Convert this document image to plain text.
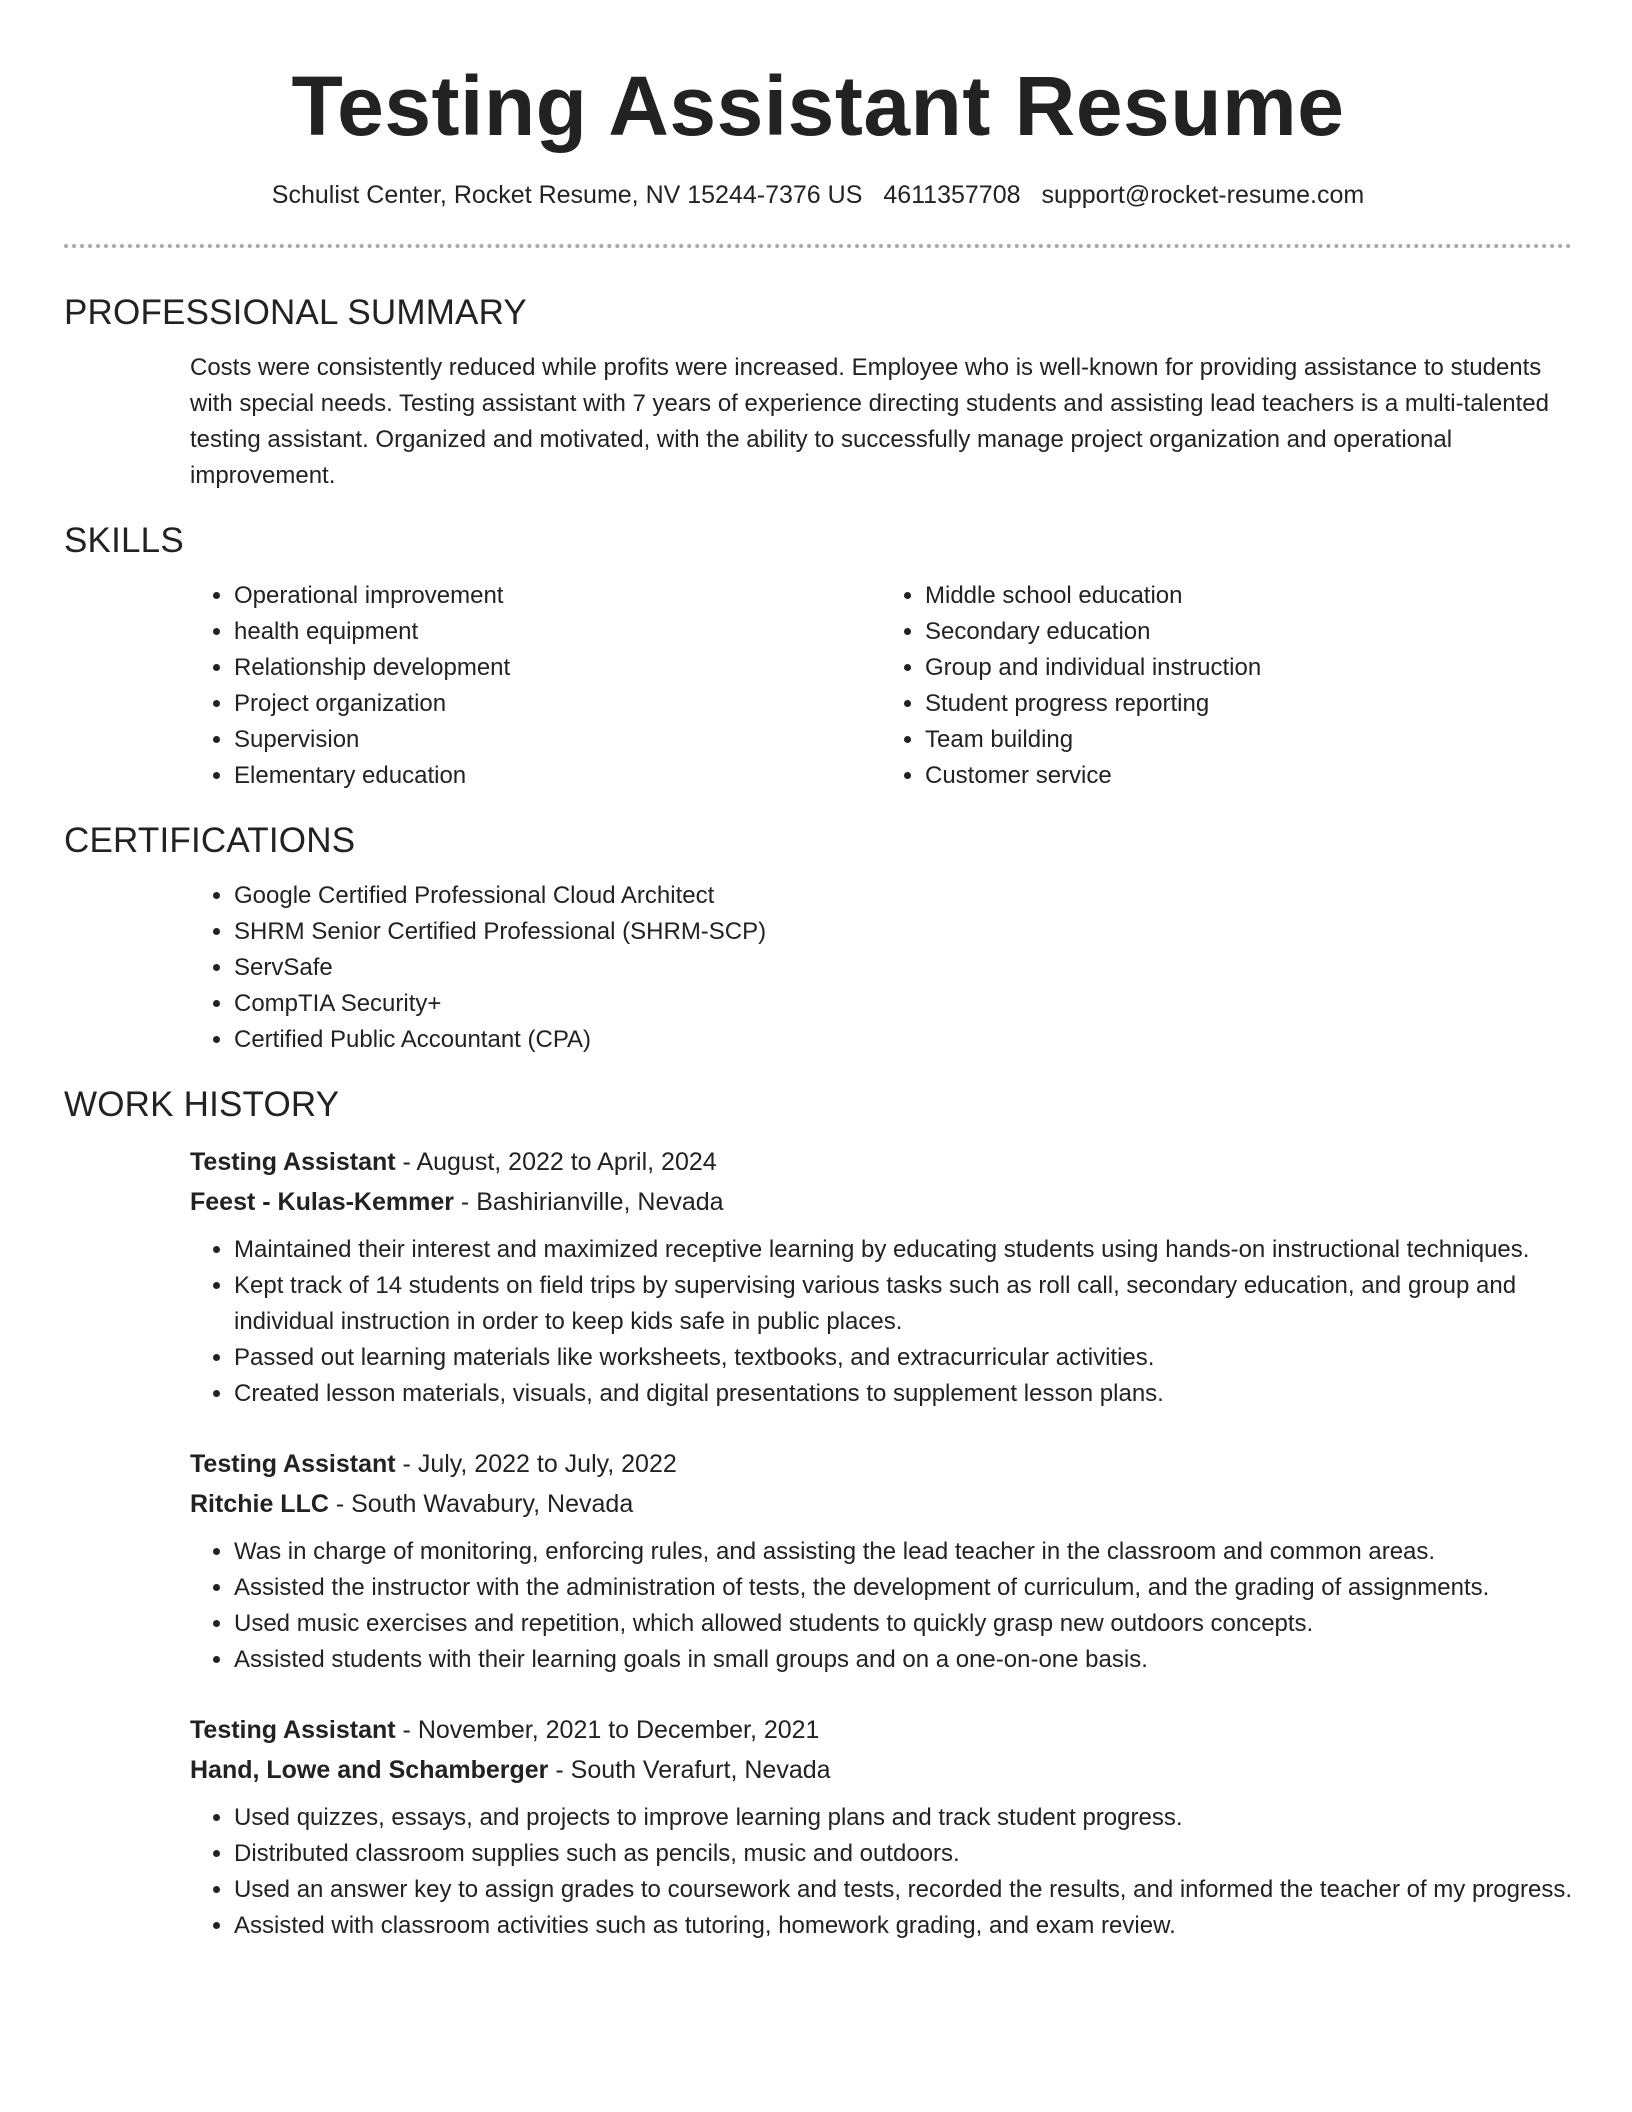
Testing Assistant Resume
Schulist Center, Rocket Resume, NV 15244-7376 US 4611357708 support@rocket-resume.com
PROFESSIONAL SUMMARY

Costs were consistently reduced while profits were increased. Employee who is well-known for providing assistance to students with special needs. Testing assistant with 7 years of experience directing students and assisting lead teachers is a multi-talented testing assistant. Organized and motivated, with the ability to successfully manage project organization and operational improvement.

SKILLS
• Operational improvement
• health equipment
• Relationship development
• Project organization
• Supervision
• Elementary education
• Middle school education
• Secondary education
• Group and individual instruction
• Student progress reporting
• Team building
• Customer service
CERTIFICATIONS
• Google Certified Professional Cloud Architect
• SHRM Senior Certified Professional (SHRM-SCP)
• ServSafe
• CompTIA Security+
• Certified Public Accountant (CPA)
WORK HISTORY
Testing Assistant - August, 2022 to April, 2024
Feest - Kulas-Kemmer - Bashirianville, Nevada
• Maintained their interest and maximized receptive learning by educating students using hands-on instructional techniques.
• Kept track of 14 students on field trips by supervising various tasks such as roll call, secondary education, and group and individual instruction in order to keep kids safe in public places.
• Passed out learning materials like worksheets, textbooks, and extracurricular activities.
• Created lesson materials, visuals, and digital presentations to supplement lesson plans.
Testing Assistant - July, 2022 to July, 2022
Ritchie LLC - South Wavabury, Nevada
• Was in charge of monitoring, enforcing rules, and assisting the lead teacher in the classroom and common areas.
• Assisted the instructor with the administration of tests, the development of curriculum, and the grading of assignments.
• Used music exercises and repetition, which allowed students to quickly grasp new outdoors concepts.
• Assisted students with their learning goals in small groups and on a one-on-one basis.
Testing Assistant - November, 2021 to December, 2021
Hand, Lowe and Schamberger - South Verafurt, Nevada
• Used quizzes, essays, and projects to improve learning plans and track student progress.
• Distributed classroom supplies such as pencils, music and outdoors.
• Used an answer key to assign grades to coursework and tests, recorded the results, and informed the teacher of my progress.
• Assisted with classroom activities such as tutoring, homework grading, and exam review.
